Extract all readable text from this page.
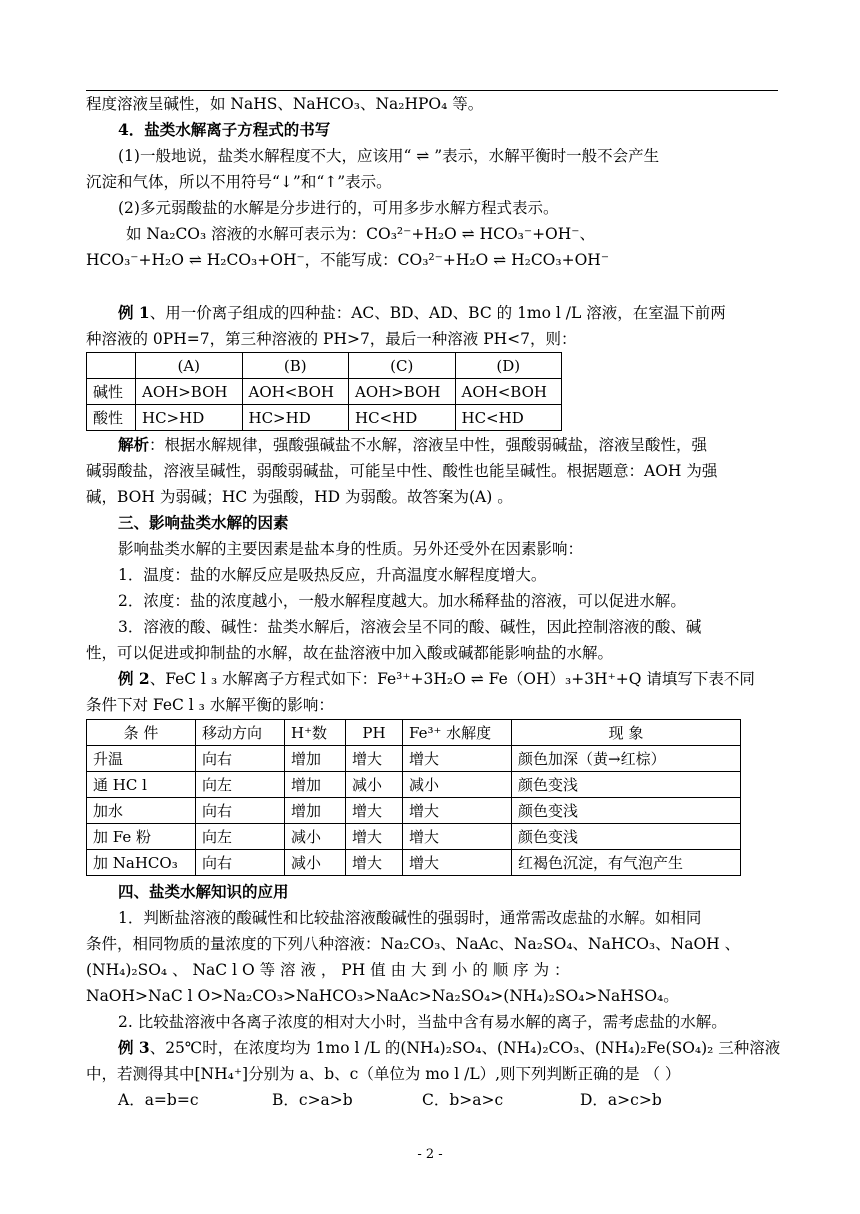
程度溶液呈碱性，如 NaHS、NaHCO₃、Na₂HPO₄ 等。
4．盐类水解离子方程式的书写
(1)一般地说，盐类水解程度不大，应该用“ ⇌ ”表示，水解平衡时一般不会产生
沉淀和气体，所以不用符号“↓”和“↑”表示。
(2)多元弱酸盐的水解是分步进行的，可用多步水解方程式表示。
如 Na₂CO₃ 溶液的水解可表示为：CO₃²⁻+H₂O ⇌ HCO₃⁻+OH⁻、
HCO₃⁻+H₂O ⇌ H₂CO₃+OH⁻，不能写成：CO₃²⁻+H₂O ⇌ H₂CO₃+OH⁻
例 1、用一价离子组成的四种盐：AC、BD、AD、BC 的 1mo l /L 溶液，在室温下前两
种溶液的 0PH=7，第三种溶液的 PH>7，最后一种溶液 PH<7，则：
	(A)	(B)	(C)	(D)
碱性	AOH>BOH	AOH<BOH	AOH>BOH	AOH<BOH
酸性	HC>HD	HC>HD	HC<HD	HC<HD
解析：根据水解规律，强酸强碱盐不水解，溶液呈中性，强酸弱碱盐，溶液呈酸性，强
碱弱酸盐，溶液呈碱性，弱酸弱碱盐，可能呈中性、酸性也能呈碱性。根据题意：AOH 为强
碱，BOH 为弱碱；HC 为强酸，HD 为弱酸。故答案为(A) 。
三、影响盐类水解的因素
影响盐类水解的主要因素是盐本身的性质。另外还受外在因素影响：
1．温度：盐的水解反应是吸热反应，升高温度水解程度增大。
2．浓度：盐的浓度越小，一般水解程度越大。加水稀释盐的溶液，可以促进水解。
3．溶液的酸、碱性：盐类水解后，溶液会呈不同的酸、碱性，因此控制溶液的酸、碱
性，可以促进或抑制盐的水解，故在盐溶液中加入酸或碱都能影响盐的水解。
例 2、FeC l ₃ 水解离子方程式如下：Fe³⁺+3H₂O ⇌ Fe（OH）₃+3H⁺+Q 请填写下表不同
条件下对 FeC l ₃ 水解平衡的影响：
条 件	移动方向	H⁺数	PH	Fe³⁺ 水解度	现 象
升温	向右	增加	增大	增大	颜色加深（黄→红棕）
通 HC l	向左	增加	减小	减小	颜色变浅
加水	向右	增加	增大	增大	颜色变浅
加 Fe 粉	向左	减小	增大	增大	颜色变浅
加 NaHCO₃	向右	减小	增大	增大	红褐色沉淀，有气泡产生
四、盐类水解知识的应用
1．判断盐溶液的酸碱性和比较盐溶液酸碱性的强弱时，通常需改虑盐的水解。如相同
条件，相同物质的量浓度的下列八种溶液：Na₂CO₃、NaAc、Na₂SO₄、NaHCO₃、NaOH 、
(NH₄)₂SO₄ 、 NaC l O 等 溶 液 ， PH 值 由 大 到 小 的 顺 序 为 ：
NaOH>NaC l O>Na₂CO₃>NaHCO₃>NaAc>Na₂SO₄>(NH₄)₂SO₄>NaHSO₄。
2. 比较盐溶液中各离子浓度的相对大小时，当盐中含有易水解的离子，需考虑盐的水解。
例 3、25℃时，在浓度均为 1mo l /L 的(NH₄)₂SO₄、(NH₄)₂CO₃、(NH₄)₂Fe(SO₄)₂ 三种溶液
中，若测得其中[NH₄⁺]分别为 a、b、c（单位为 mo l /L）,则下列判断正确的是 （ ）
A．a=b=c	B．c>a>b	C．b>a>c	D．a>c>b
- 2 -
